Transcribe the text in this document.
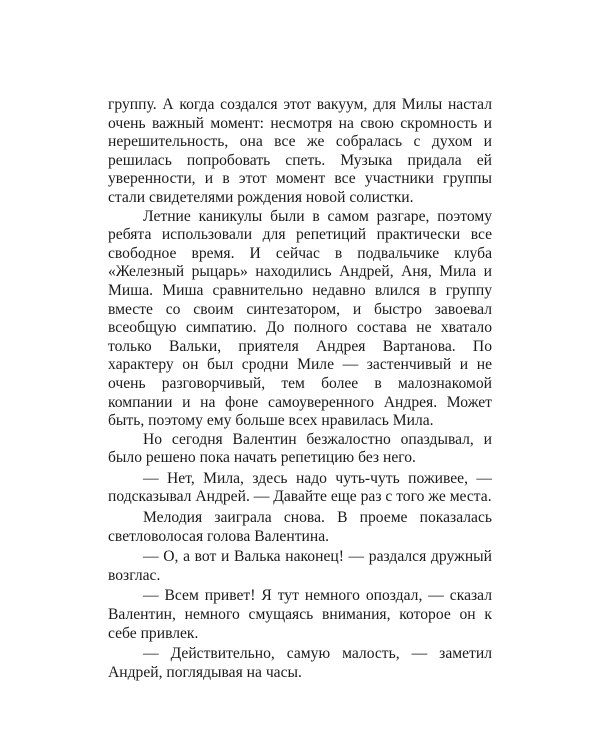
группу. А когда создался этот вакуум, для Милы настал очень важный момент: несмотря на свою скромность и нерешительность, она все же собралась с духом и решилась попробовать спеть. Музыка придала ей уверенности, и в этот момент все участники группы стали свидетелями рождения новой солистки.

Летние каникулы были в самом разгаре, поэтому ребята использовали для репетиций практически все свободное время. И сейчас в подвальчике клуба «Железный рыцарь» находились Андрей, Аня, Мила и Миша. Миша сравнительно недавно влился в группу вместе со своим синтезатором, и быстро завоевал всеобщую симпатию. До полного состава не хватало только Вальки, приятеля Андрея Вартанова. По характеру он был сродни Миле — застенчивый и не очень разговорчивый, тем более в малознакомой компании и на фоне самоуверенного Андрея. Может быть, поэтому ему больше всех нравилась Мила.

Но сегодня Валентин безжалостно опаздывал, и было решено пока начать репетицию без него.

— Нет, Мила, здесь надо чуть-чуть поживее, — подсказывал Андрей. — Давайте еще раз с того же места.

Мелодия заиграла снова. В проеме показалась светловолосая голова Валентина.

— О, а вот и Валька наконец! — раздался дружный возглас.

— Всем привет! Я тут немного опоздал, — сказал Валентин, немного смущаясь внимания, которое он к себе привлек.

— Действительно, самую малость, — заметил Андрей, поглядывая на часы.
